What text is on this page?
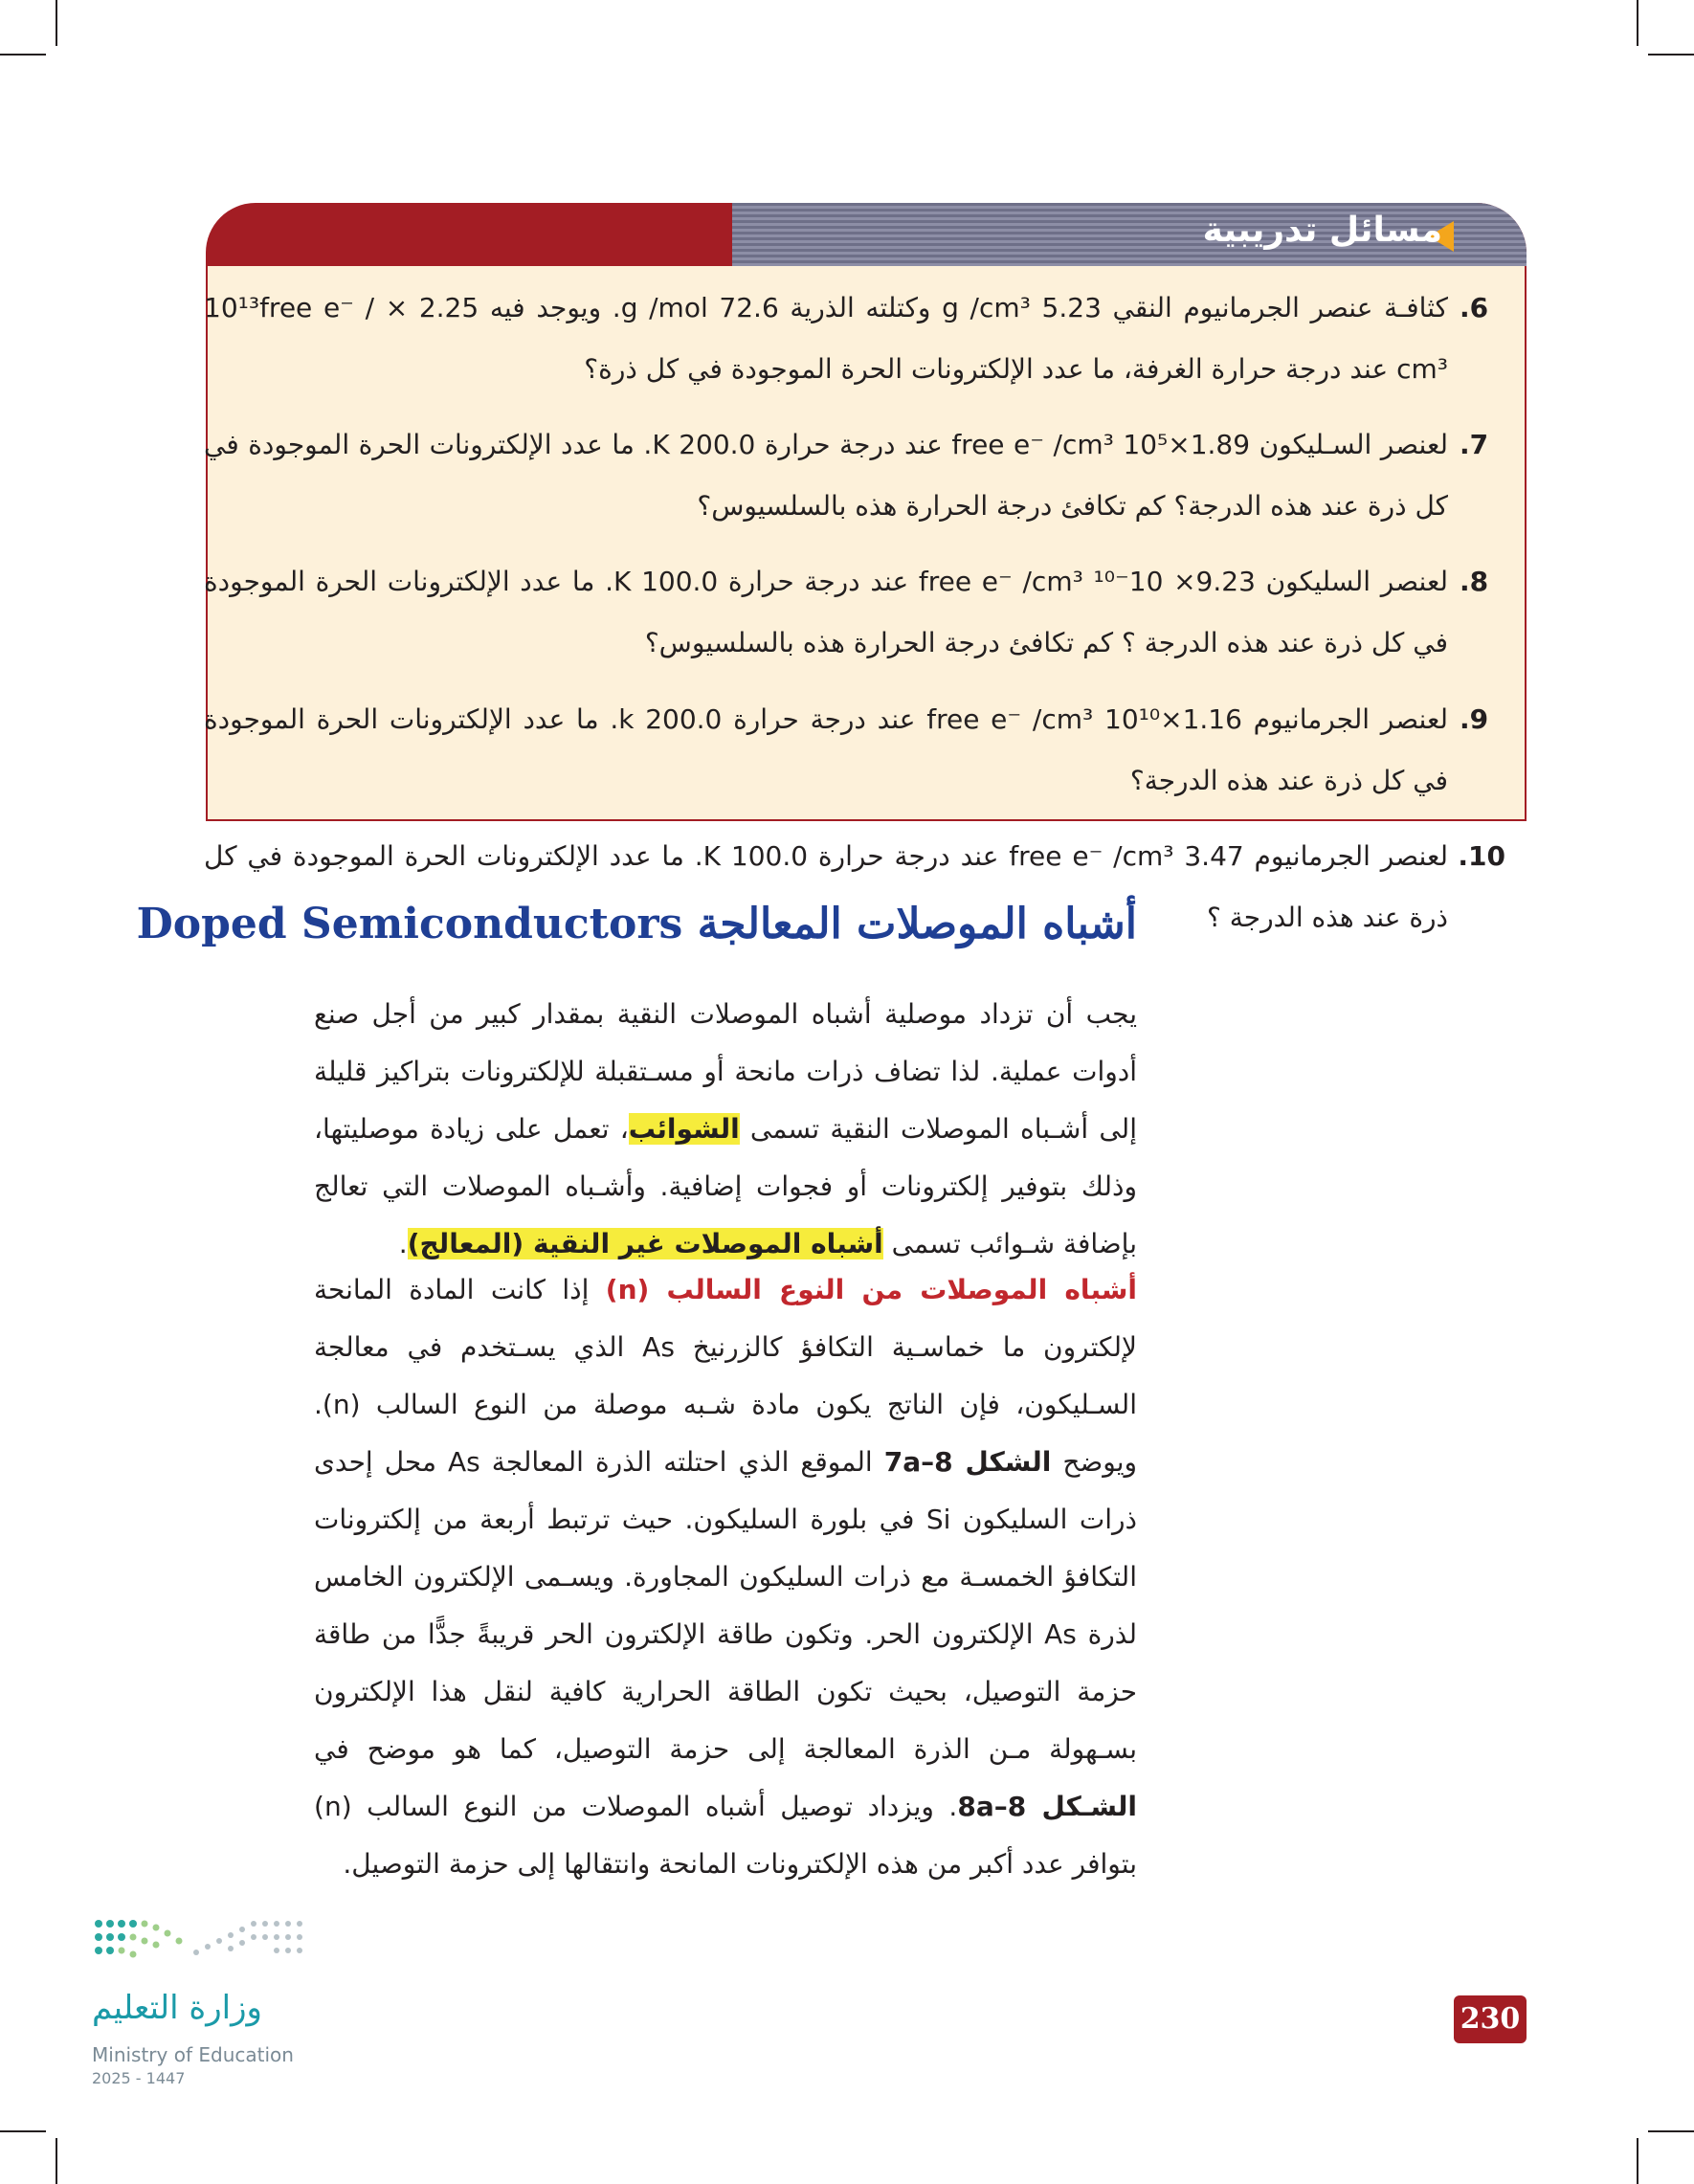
مسائل تدريبية
6.
كثافـة عنصر الجرمانيوم النقي 5.23 g /cm³ وكتلته الذرية 72.6 g /mol. ويوجد فيه 2.25 × 10¹³free e⁻ / cm³ عند درجة حرارة الغرفة، ما عدد الإلكترونات الحرة الموجودة في كل ذرة؟
7.
لعنصر السـليكون 1.89×10⁵ free e⁻ /cm³ عند درجة حرارة 200.0 K. ما عدد الإلكترونات الحرة الموجودة في كل ذرة عند هذه الدرجة؟ كم تكافئ درجة الحرارة هذه بالسلسيوس؟
8.
لعنصر السليكون 9.23× 10⁻¹⁰ free e⁻ /cm³ عند درجة حرارة 100.0 K. ما عدد الإلكترونات الحرة الموجودة في كل ذرة عند هذه الدرجة ؟ كم تكافئ درجة الحرارة هذه بالسلسيوس؟
9.
لعنصر الجرمانيوم 1.16×10¹⁰ free e⁻ /cm³ عند درجة حرارة 200.0 k. ما عدد الإلكترونات الحرة الموجودة في كل ذرة عند هذه الدرجة؟
10.
لعنصر الجرمانيوم 3.47 free e⁻ /cm³ عند درجة حرارة 100.0 K. ما عدد الإلكترونات الحرة الموجودة في كل ذرة عند هذه الدرجة ؟
أشباه الموصلات المعالجة Doped Semiconductors

يجب أن تزداد موصلية أشباه الموصلات النقية بمقدار كبير من أجل صنع أدوات عملية. لذا تضاف ذرات مانحة أو مسـتقبلة للإلكترونات بتراكيز قليلة إلى أشـباه الموصلات النقية تسمى الشوائب، تعمل على زيادة موصليتها، وذلك بتوفير إلكترونات أو فجوات إضافية. وأشـباه الموصلات التي تعالج بإضافة شـوائب تسمى أشباه الموصلات غير النقية (المعالج).

أشباه الموصلات من النوع السالب (n) إذا كانت المادة المانحة لإلكترون ما خماسـية التكافؤ كالزرنيخ As الذي يسـتخدم في معالجة السـليكون، فإن الناتج يكون مادة شـبه موصلة من النوع السالب (n). ويوضح الشكل 8–7a الموقع الذي احتلته الذرة المعالجة As محل إحدى ذرات السليكون Si في بلورة السليكون. حيث ترتبط أربعة من إلكترونات التكافؤ الخمسـة مع ذرات السليكون المجاورة. ويسـمى الإلكترون الخامس لذرة As الإلكترون الحر. وتكون طاقة الإلكترون الحر قريبةً جدًّا من طاقة حزمة التوصيل، بحيث تكون الطاقة الحرارية كافية لنقل هذا الإلكترون بسـهولة مـن الذرة المعالجة إلى حزمة التوصيل، كما هو موضح في الشـكل 8–8a. ويزداد توصيل أشباه الموصلات من النوع السالب (n) بتوافر عدد أكبر من هذه الإلكترونات المانحة وانتقالها إلى حزمة التوصيل.

230
وزارة التعليم
Ministry of Education
2025 - 1447
